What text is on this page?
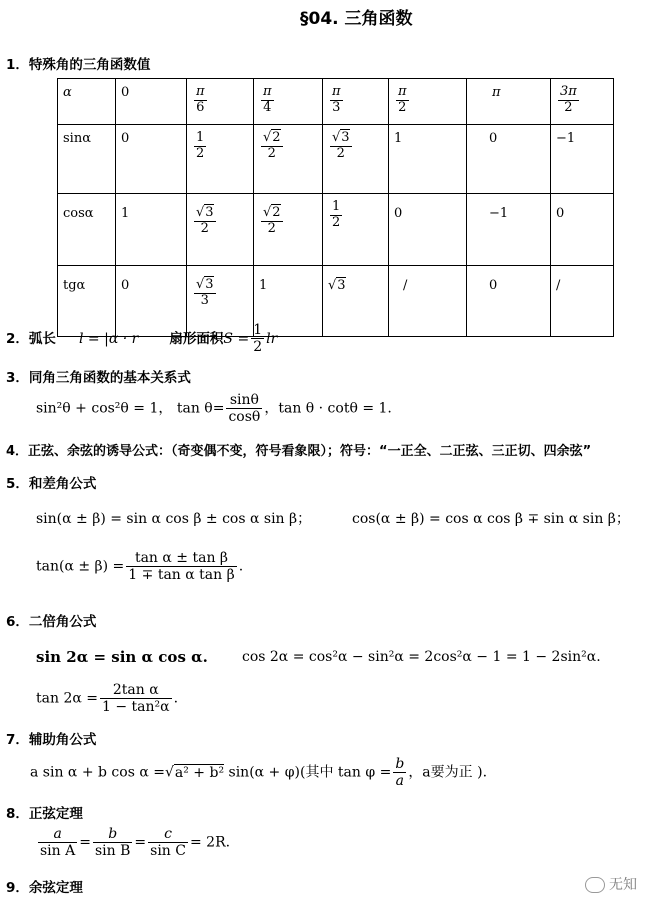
§04. 三角函数
1．特殊角的三角函数值
α	0	$\frac{\pi}{6}$	$\frac{\pi}{4}$	$\frac{\pi}{3}$	$\frac{\pi}{2}$	π	$\frac{3\pi}{2}$

sinα	0	$\frac{1}{2}$	$\frac{√2}{2}$	$\frac{√3}{2}$	1	0	−1
cosα	1	$\frac{√3}{2}$	$\frac{√2}{2}$	$\frac{1}{2}$	0	−1	0
tgα	0	$\frac{√3}{3}$	1	√3	/	0	/
2．弧长 l = |α · r 扇形面积$S = \frac{1}{2}$ lr
3．同角三角函数的基本关系式
sin²θ + cos²θ = 1， $\tan \theta= \frac{\sin\theta}{\cos\theta}$ ，tan θ · cotθ = 1.
4．正弦、余弦的诱导公式：（奇变偶不变，符号看象限）；符号：“一正全、二正弦、三正切、四余弦”
5．和差角公式
sin(α ± β) = sin α cos β ± cos α sin β；	cos(α ± β) = cos α cos β ∓ sin α sin β；
$\tan(\alpha \pm \beta) = \frac{\text{tan α ± tan β}}{\text{1 ∓ tan α tan β}}$ .
6．二倍角公式
sin 2α = sin α cos α. cos 2α = cos²α − sin²α = 2cos²α − 1 = 1 − 2sin²α.
$\tan 2\alpha = \frac{\text{2tan α}}{\text{1 − tan²α}}$ .
7．辅助角公式
a sin α + b cos α =√a² + b² sin(α + φ)(其中 $\tan \varphi = \frac{b}{a}$ ，a要为正 ).
8．正弦定理
$\frac{a}{\text{sin A}} = \frac{b}{\text{sin B}} = \frac{c}{\text{sin C}} = 2R$.
9．余弦定理	无知
